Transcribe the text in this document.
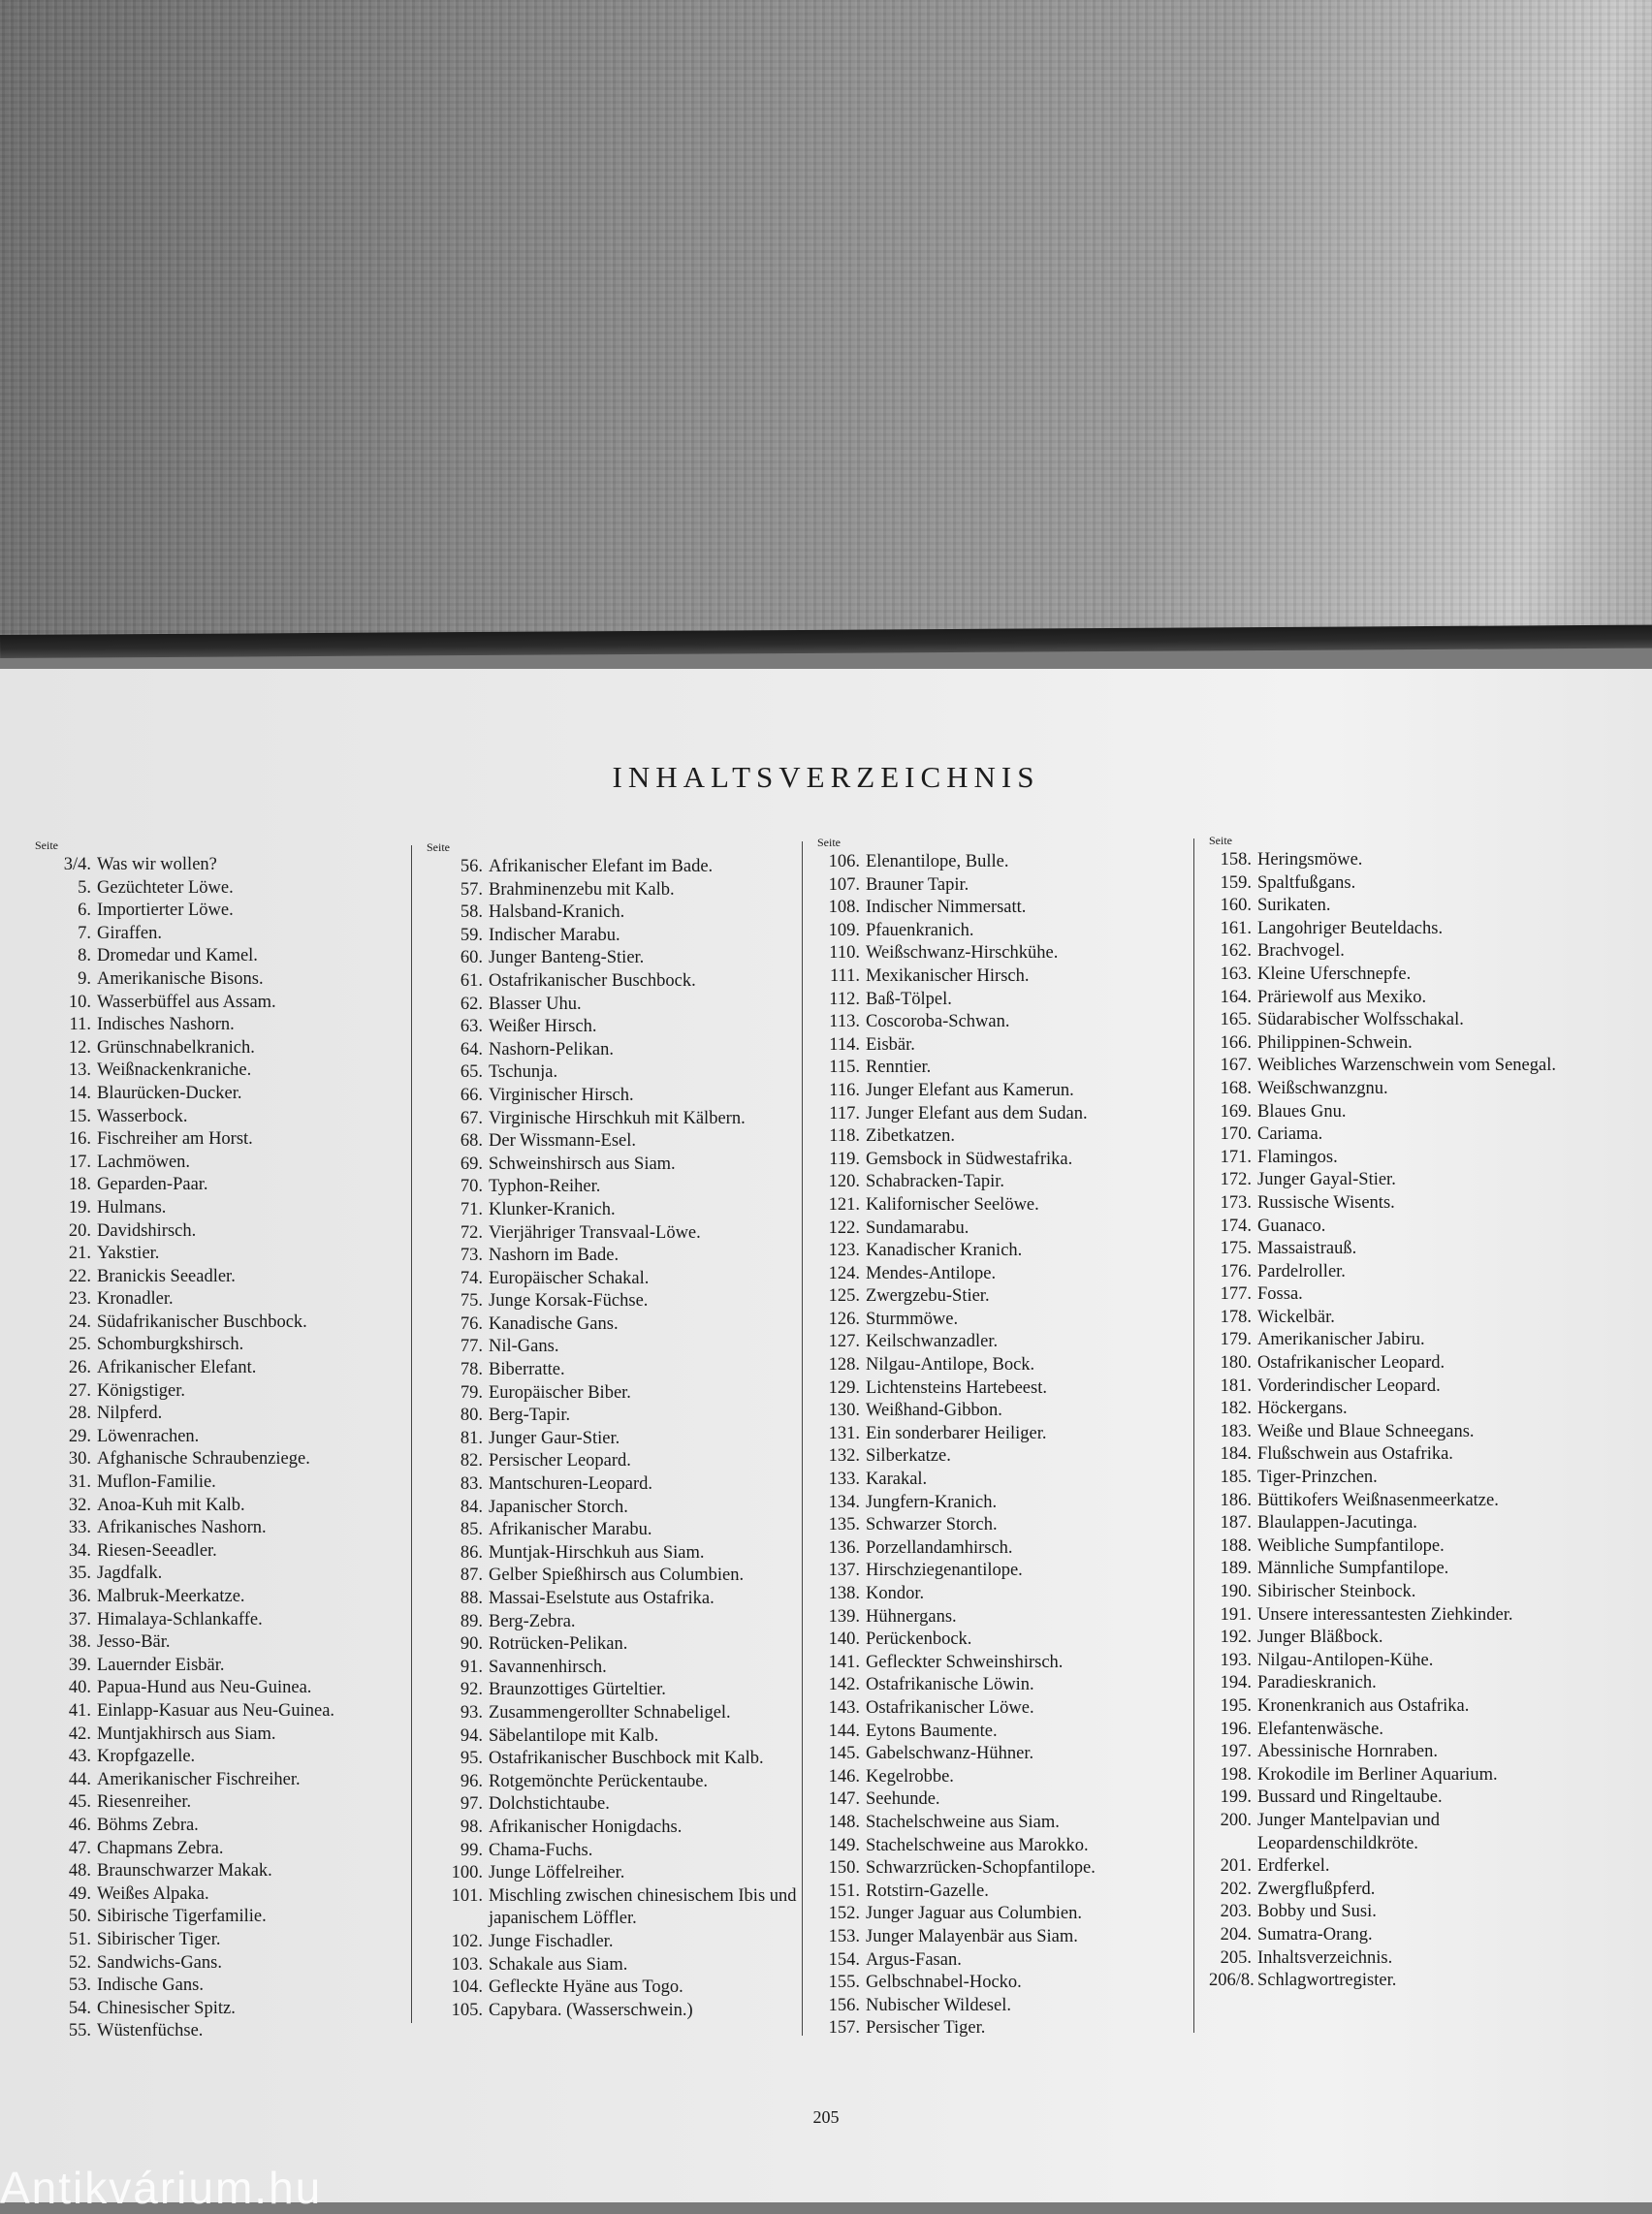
INHALTSVERZEICHNIS
Seite
3/4. Was wir wollen?
5. Gezüchteter Löwe.
6. Importierter Löwe.
7. Giraffen.
8. Dromedar und Kamel.
9. Amerikanische Bisons.
10. Wasserbüffel aus Assam.
11. Indisches Nashorn.
12. Grünschnabelkranich.
13. Weißnackenkraniche.
14. Blaurücken-Ducker.
15. Wasserbock.
16. Fischreiher am Horst.
17. Lachmöwen.
18. Geparden-Paar.
19. Hulmans.
20. Davidshirsch.
21. Yakstier.
22. Branickis Seeadler.
23. Kronadler.
24. Südafrikanischer Buschbock.
25. Schomburgkshirsch.
26. Afrikanischer Elefant.
27. Königstiger.
28. Nilpferd.
29. Löwenrachen.
30. Afghanische Schraubenziege.
31. Muflon-Familie.
32. Anoa-Kuh mit Kalb.
33. Afrikanisches Nashorn.
34. Riesen-Seeadler.
35. Jagdfalk.
36. Malbruk-Meerkatze.
37. Himalaya-Schlankaffe.
38. Jesso-Bär.
39. Lauernder Eisbär.
40. Papua-Hund aus Neu-Guinea.
41. Einlapp-Kasuar aus Neu-Guinea.
42. Muntjakhirsch aus Siam.
43. Kropfgazelle.
44. Amerikanischer Fischreiher.
45. Riesenreiher.
46. Böhms Zebra.
47. Chapmans Zebra.
48. Braunschwarzer Makak.
49. Weißes Alpaka.
50. Sibirische Tigerfamilie.
51. Sibirischer Tiger.
52. Sandwichs-Gans.
53. Indische Gans.
54. Chinesischer Spitz.
55. Wüstenfüchse.
Seite
56. Afrikanischer Elefant im Bade.
57. Brahminenzebu mit Kalb.
58. Halsband-Kranich.
59. Indischer Marabu.
60. Junger Banteng-Stier.
61. Ostafrikanischer Buschbock.
62. Blasser Uhu.
63. Weißer Hirsch.
64. Nashorn-Pelikan.
65. Tschunja.
66. Virginischer Hirsch.
67. Virginische Hirschkuh mit Kälbern.
68. Der Wissmann-Esel.
69. Schweinshirsch aus Siam.
70. Typhon-Reiher.
71. Klunker-Kranich.
72. Vierjähriger Transvaal-Löwe.
73. Nashorn im Bade.
74. Europäischer Schakal.
75. Junge Korsak-Füchse.
76. Kanadische Gans.
77. Nil-Gans.
78. Biberratte.
79. Europäischer Biber.
80. Berg-Tapir.
81. Junger Gaur-Stier.
82. Persischer Leopard.
83. Mantschuren-Leopard.
84. Japanischer Storch.
85. Afrikanischer Marabu.
86. Muntjak-Hirschkuh aus Siam.
87. Gelber Spießhirsch aus Columbien.
88. Massai-Eselstute aus Ostafrika.
89. Berg-Zebra.
90. Rotrücken-Pelikan.
91. Savannenhirsch.
92. Braunzottiges Gürteltier.
93. Zusammengerollter Schnabeligel.
94. Säbelantilope mit Kalb.
95. Ostafrikanischer Buschbock mit Kalb.
96. Rotgemönchte Perückentaube.
97. Dolchstichtaube.
98. Afrikanischer Honigdachs.
99. Chama-Fuchs.
100. Junge Löffelreiher.
101. Mischling zwischen chinesischem Ibis und japanischem Löffler.
102. Junge Fischadler.
103. Schakale aus Siam.
104. Gefleckte Hyäne aus Togo.
105. Capybara. (Wasserschwein.)
Seite
106. Elenantilope, Bulle.
107. Brauner Tapir.
108. Indischer Nimmersatt.
109. Pfauenkranich.
110. Weißschwanz-Hirschkühe.
111. Mexikanischer Hirsch.
112. Baß-Tölpel.
113. Coscoroba-Schwan.
114. Eisbär.
115. Renntier.
116. Junger Elefant aus Kamerun.
117. Junger Elefant aus dem Sudan.
118. Zibetkatzen.
119. Gemsbock in Südwestafrika.
120. Schabracken-Tapir.
121. Kalifornischer Seelöwe.
122. Sundamarabu.
123. Kanadischer Kranich.
124. Mendes-Antilope.
125. Zwergzebu-Stier.
126. Sturmmöwe.
127. Keilschwanzadler.
128. Nilgau-Antilope, Bock.
129. Lichtensteins Hartebeest.
130. Weißhand-Gibbon.
131. Ein sonderbarer Heiliger.
132. Silberkatze.
133. Karakal.
134. Jungfern-Kranich.
135. Schwarzer Storch.
136. Porzellandamhirsch.
137. Hirschziegenantilope.
138. Kondor.
139. Hühnergans.
140. Perückenbock.
141. Gefleckter Schweinshirsch.
142. Ostafrikanische Löwin.
143. Ostafrikanischer Löwe.
144. Eytons Baumente.
145. Gabelschwanz-Hühner.
146. Kegelrobbe.
147. Seehunde.
148. Stachelschweine aus Siam.
149. Stachelschweine aus Marokko.
150. Schwarzrücken-Schopfantilope.
151. Rotstirn-Gazelle.
152. Junger Jaguar aus Columbien.
153. Junger Malayenbär aus Siam.
154. Argus-Fasan.
155. Gelbschnabel-Hocko.
156. Nubischer Wildesel.
157. Persischer Tiger.
Seite
158. Heringsmöwe.
159. Spaltfußgans.
160. Surikaten.
161. Langohriger Beuteldachs.
162. Brachvogel.
163. Kleine Uferschnepfe.
164. Präriewolf aus Mexiko.
165. Südarabischer Wolfsschakal.
166. Philippinen-Schwein.
167. Weibliches Warzenschwein vom Senegal.
168. Weißschwanzgnu.
169. Blaues Gnu.
170. Cariama.
171. Flamingos.
172. Junger Gayal-Stier.
173. Russische Wisents.
174. Guanaco.
175. Massaistrauß.
176. Pardelroller.
177. Fossa.
178. Wickelbär.
179. Amerikanischer Jabiru.
180. Ostafrikanischer Leopard.
181. Vorderindischer Leopard.
182. Höckergans.
183. Weiße und Blaue Schneegans.
184. Flußschwein aus Ostafrika.
185. Tiger-Prinzchen.
186. Büttikofers Weißnasenmeerkatze.
187. Blaulappen-Jacutinga.
188. Weibliche Sumpfantilope.
189. Männliche Sumpfantilope.
190. Sibirischer Steinbock.
191. Unsere interessantesten Ziehkinder.
192. Junger Bläßbock.
193. Nilgau-Antilopen-Kühe.
194. Paradieskranich.
195. Kronenkranich aus Ostafrika.
196. Elefantenwäsche.
197. Abessinische Hornraben.
198. Krokodile im Berliner Aquarium.
199. Bussard und Ringeltaube.
200. Junger Mantelpavian und Leopardenschildkröte.
201. Erdferkel.
202. Zwergflußpferd.
203. Bobby und Susi.
204. Sumatra-Orang.
205. Inhaltsverzeichnis.
206/8. Schlagwortregister.
205
Antikvárium.hu
